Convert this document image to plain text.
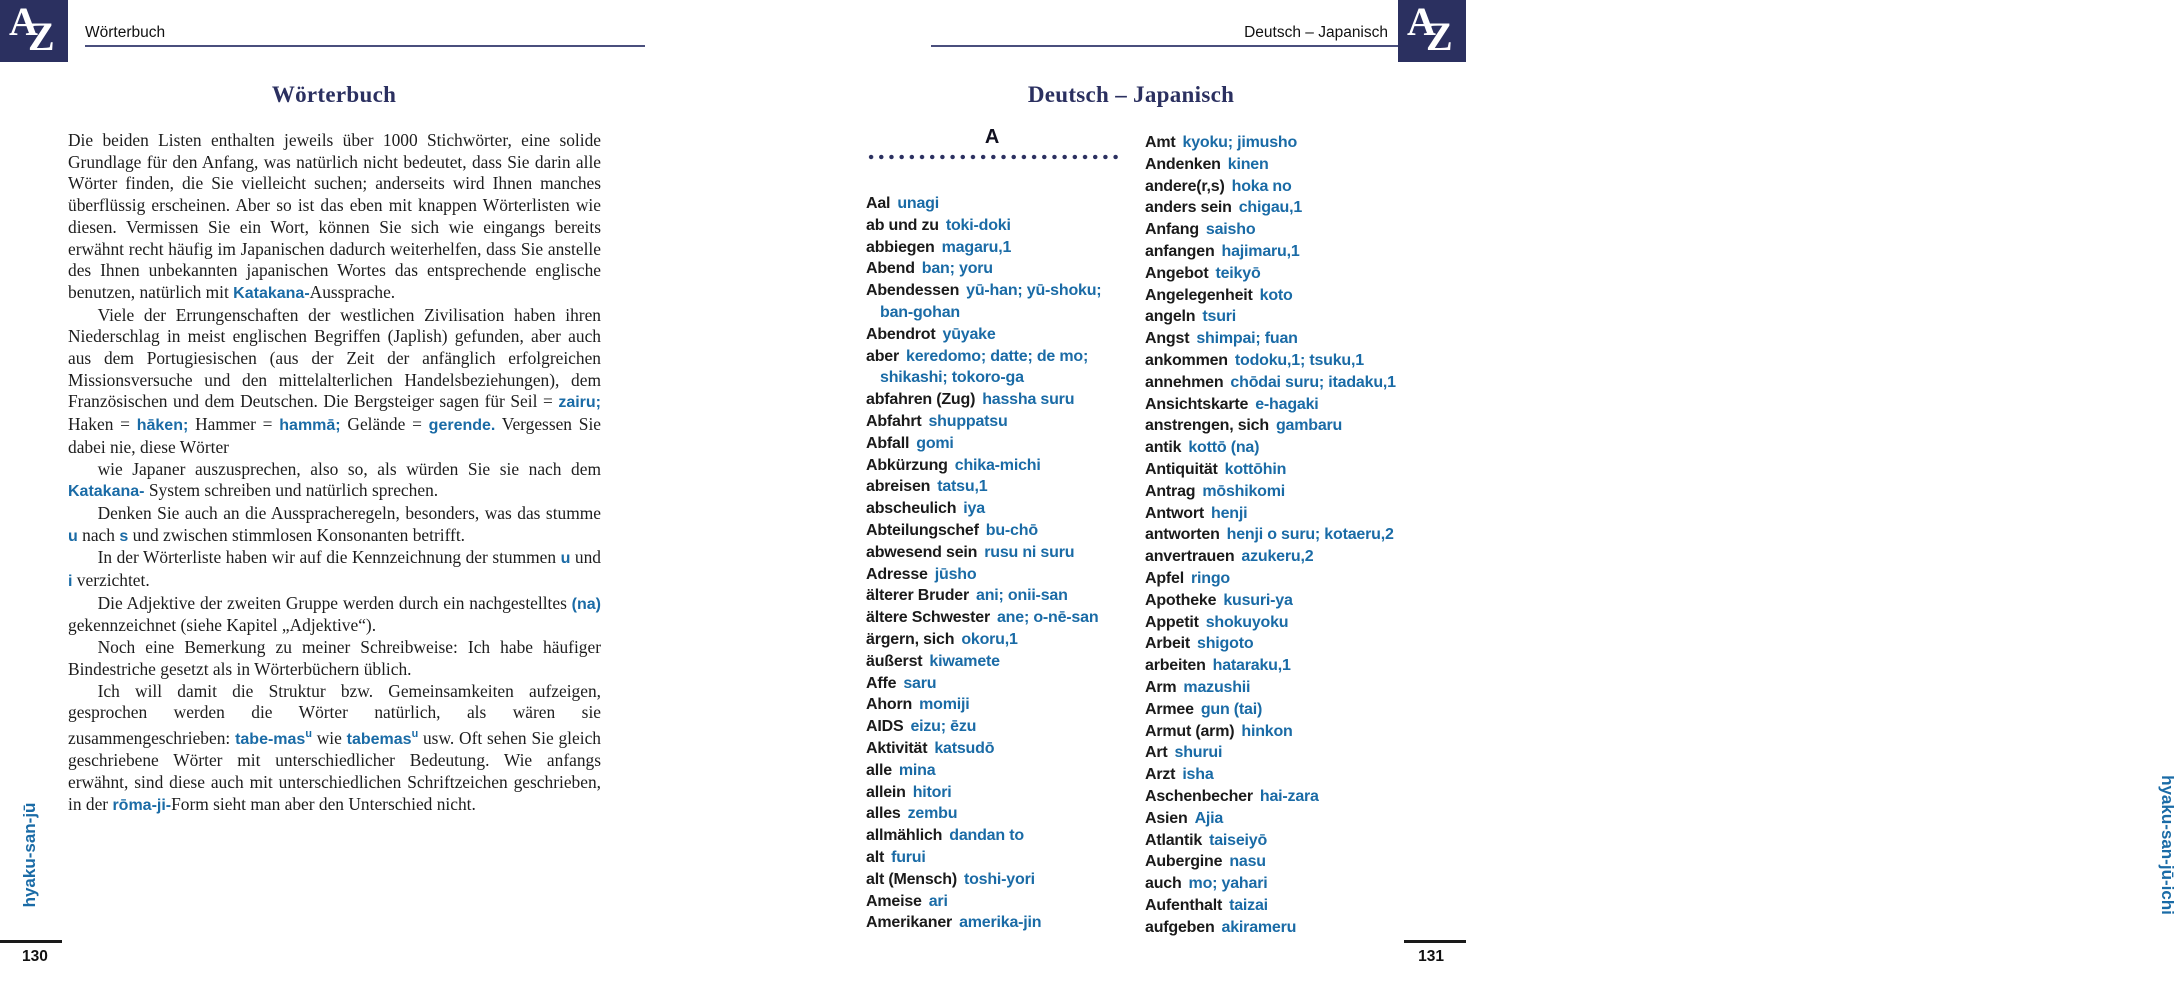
A
Z Wörterbuch
Wörterbuch

Die beiden Listen enthalten jeweils über 1000 Stichwörter, eine solide Grundlage für den Anfang, was natürlich nicht bedeutet, dass Sie darin alle Wörter finden, die Sie vielleicht suchen; anderseits wird Ihnen manches überflüssig erscheinen. Aber so ist das eben mit knappen Wörterlisten wie diesen. Vermissen Sie ein Wort, können Sie sich wie eingangs bereits erwähnt recht häufig im Japanischen dadurch weiterhelfen, dass Sie anstelle des Ihnen unbekannten japanischen Wortes das entsprechende englische benutzen, natürlich mit Katakana-Aussprache.

Viele der Errungenschaften der westlichen Zivilisation haben ihren Niederschlag in meist englischen Begriffen (Japlish) gefunden, aber auch aus dem Portugiesischen (aus der Zeit der anfänglich erfolgreichen Missionsversuche und den mittelalterlichen Handelsbeziehungen), dem Französischen und dem Deutschen. Die Bergsteiger sagen für Seil = zairu; Haken = hāken; Hammer = hammā; Gelände = gerende. Vergessen Sie dabei nie, diese Wörter

wie Japaner auszusprechen, also so, als würden Sie sie nach dem Katakana- System schreiben und natürlich sprechen.

Denken Sie auch an die Ausspracheregeln, besonders, was das stumme u nach s und zwischen stimmlosen Konsonanten betrifft.

In der Wörterliste haben wir auf die Kennzeichnung der stummen u und i verzichtet.

Die Adjektive der zweiten Gruppe werden durch ein nachgestelltes (na) gekennzeichnet (siehe Kapitel „Adjektive“).

Noch eine Bemerkung zu meiner Schreibweise: Ich habe häufiger Bindestriche gesetzt als in Wörterbüchern üblich.

Ich will damit die Struktur bzw. Gemeinsamkeiten aufzeigen, gesprochen werden die Wörter natürlich, als wären sie zusammengeschrieben: tabe-mas$^u$ wie tabemas$^u$ usw. Oft sehen Sie gleich geschriebene Wörter mit unterschiedlicher Bedeutung. Wie anfangs erwähnt, sind diese auch mit unterschiedlichen Schriftzeichen geschrieben, in der rōma-ji-Form sieht man aber den Unterschied nicht.

hyaku-san-jū
130
A
Z
Deutsch – Japanisch
Deutsch – Japanisch
A
Aal unagi
ab und zu toki-doki
abbiegen magaru,1
Abend ban; yoru
Abendessen yū-han; yū-shoku; ban-gohan
Abendrot yūyake
aber keredomo; datte; de mo; shikashi; tokoro-ga
abfahren (Zug) hassha suru
Abfahrt shuppatsu
Abfall gomi
Abkürzung chika-michi
abreisen tatsu,1
abscheulich iya
Abteilungschef bu-chō
abwesend sein rusu ni suru
Adresse jūsho
älterer Bruder ani; onii-san
ältere Schwester ane; o-nē-san
ärgern, sich okoru,1
äußerst kiwamete
Affe saru
Ahorn momiji
AIDS eizu; ēzu
Aktivität katsudō
alle mina
allein hitori
alles zembu
allmählich dandan to
alt furui
alt (Mensch) toshi-yori
Ameise ari
Amerikaner amerika-jin
Amt kyoku; jimusho
Andenken kinen
andere(r,s) hoka no
anders sein chigau,1
Anfang saisho
anfangen hajimaru,1
Angebot teikyō
Angelegenheit koto
angeln tsuri
Angst shimpai; fuan
ankommen todoku,1; tsuku,1
annehmen chōdai suru; itadaku,1
Ansichtskarte e-hagaki
anstrengen, sich gambaru
antik kottō (na)
Antiquität kottōhin
Antrag mōshikomi
Antwort henji
antworten henji o suru; kotaeru,2
anvertrauen azukeru,2
Apfel ringo
Apotheke kusuri-ya
Appetit shokuyoku
Arbeit shigoto
arbeiten hataraku,1
Arm mazushii
Armee gun (tai)
Armut (arm) hinkon
Art shurui
Arzt isha
Aschenbecher hai-zara
Asien Ajia
Atlantik taiseiyō
Aubergine nasu
auch mo; yahari
Aufenthalt taizai
aufgeben akirameru
hyaku-san-jū-ichi
131
